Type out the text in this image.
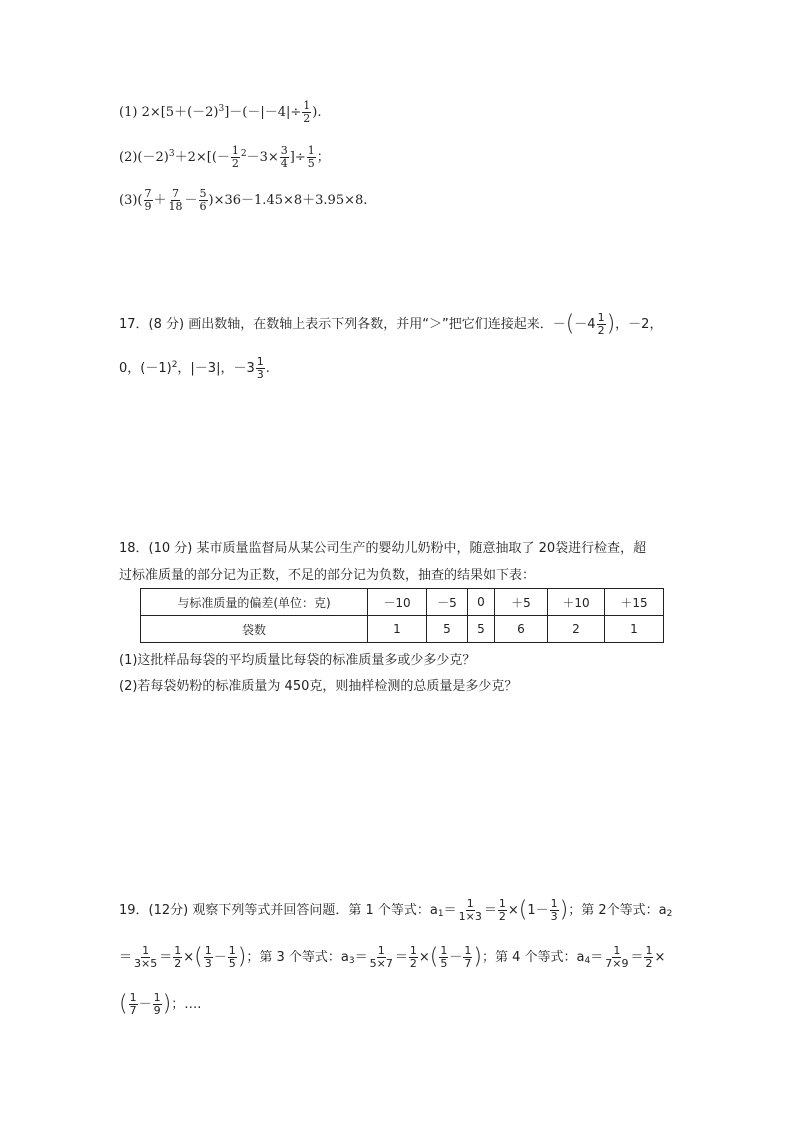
(1) $2\times[5+(-2)^3]-(-|-4|\div \frac{1}{2}$ ).
$(2)(-2)^3+2\times[(- \frac{1}{2} ^2-3\times \frac{3}{4}$ ]÷ $\frac{1}{5}$ ；
$(3)( \frac{7}{9} + \frac{7}{18} - \frac{5}{6} )\times 36-1.45\times 8+3.95\times 8$.
17．(8 分) 画出数轴，在数轴上表示下列各数，并用“＞”把它们连接起来．$-(-4 \frac{1}{2}$ )，－2，
0，$(-1)^2$，|－3|，$-3 \frac{1}{3}$ .
18．(10 分) 某市质量监督局从某公司生产的婴幼儿奶粉中，随意抽取了 20袋进行检查，超
过标准质量的部分记为正数，不足的部分记为负数，抽查的结果如下表：
与标准质量的偏差(单位：克)	－10	－5	0	＋5	＋10	＋15
袋数	1	5	5	6	2	1
(1)这批样品每袋的平均质量比每袋的标准质量多或少多少克？
(2)若每袋奶粉的标准质量为 450克，则抽样检测的总质量是多少克？
19．(12分) 观察下列等式并回答问题．第 1 个等式：$a_1= \frac{1}{1\times 3} = \frac{1}{2} \times(1- \frac{1}{3}$ )；第 2个等式：$a_2$
＝ $\frac{1}{3\times 5} = \frac{1}{2}$ ×( $\frac{1}{3} - \frac{1}{5}$ )；第 3 个等式：$a_3= \frac{1}{5\times 7} = \frac{1}{2}$ ×( $\frac{1}{5} - \frac{1}{7}$ )；第 4 个等式：$a_4= \frac{1}{7\times 9} = \frac{1}{2}$ ×
( $\frac{1}{7} - \frac{1}{9}$ )；….
